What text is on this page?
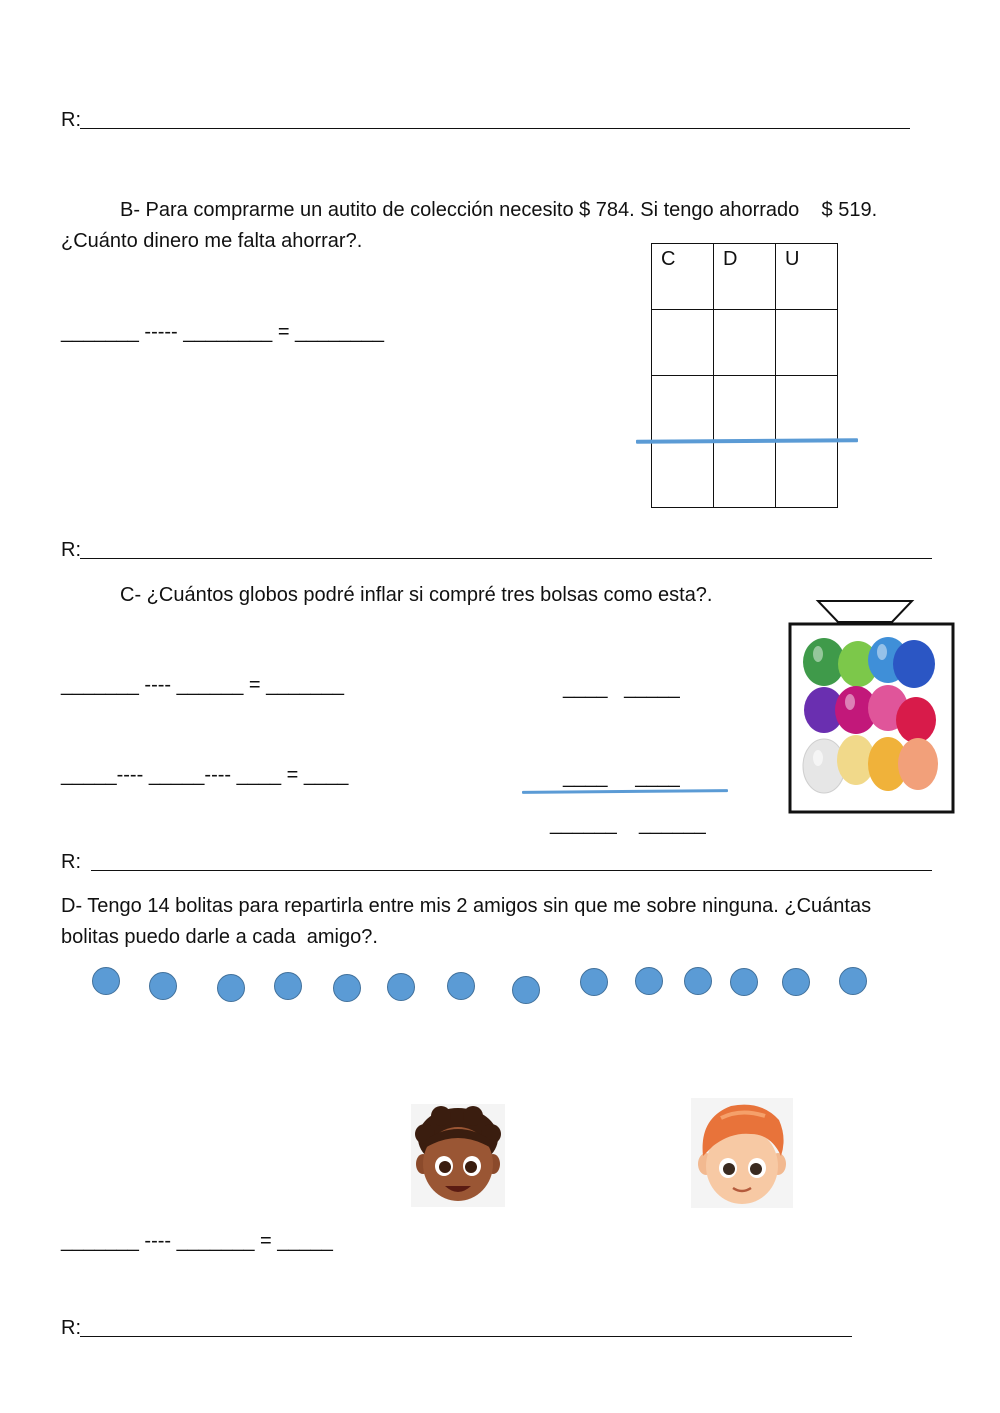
R:
B- Para comprarme un autito de colección necesito $ 784. Si tengo ahorrado    $ 519.
¿Cuánto dinero me falta ahorrar?.
_______ ----- ________ = ________
C	D	U

R:
C- ¿Cuántos globos podré inflar si compré tres bolsas como esta?.
_______ ---- ______ = _______
_____---- _____---- ____ = ____
____   _____
____     ____
______    ______
R:
D- Tengo 14 bolitas para repartirla entre mis 2 amigos sin que me sobre ninguna. ¿Cuántas
bolitas puedo darle a cada  amigo?.
_______ ---- _______ = _____
R:
